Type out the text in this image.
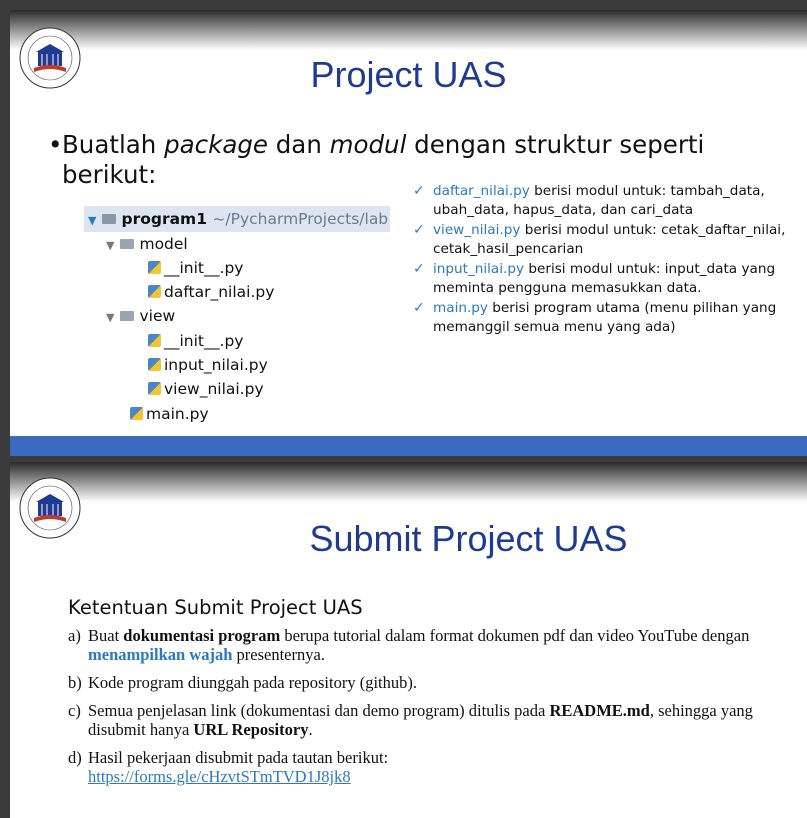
Project UAS
• Buatlah package dan modul dengan struktur seperti
berikut:
▼ program1 ~/PycharmProjects/lab
▼ model
__init__.py
daftar_nilai.py
▼ view
__init__.py
input_nilai.py
view_nilai.py
main.py
✓ daftar_nilai.py berisi modul untuk: tambah_data, ubah_data, hapus_data, dan cari_data
✓ view_nilai.py berisi modul untuk: cetak_daftar_nilai, cetak_hasil_pencarian
✓ input_nilai.py berisi modul untuk: input_data yang meminta pengguna memasukkan data.
✓ main.py berisi program utama (menu pilihan yang memanggil semua menu yang ada)
Submit Project UAS
Ketentuan Submit Project UAS
a) Buat dokumentasi program berupa tutorial dalam format dokumen pdf dan video YouTube dengan menampilkan wajah presenternya.
b) Kode program diunggah pada repository (github).
c) Semua penjelasan link (dokumentasi dan demo program) ditulis pada README.md, sehingga yang disubmit hanya URL Repository.
d) Hasil pekerjaan disubmit pada tautan berikut:
https://forms.gle/cHzvtSTmTVD1J8jk8
